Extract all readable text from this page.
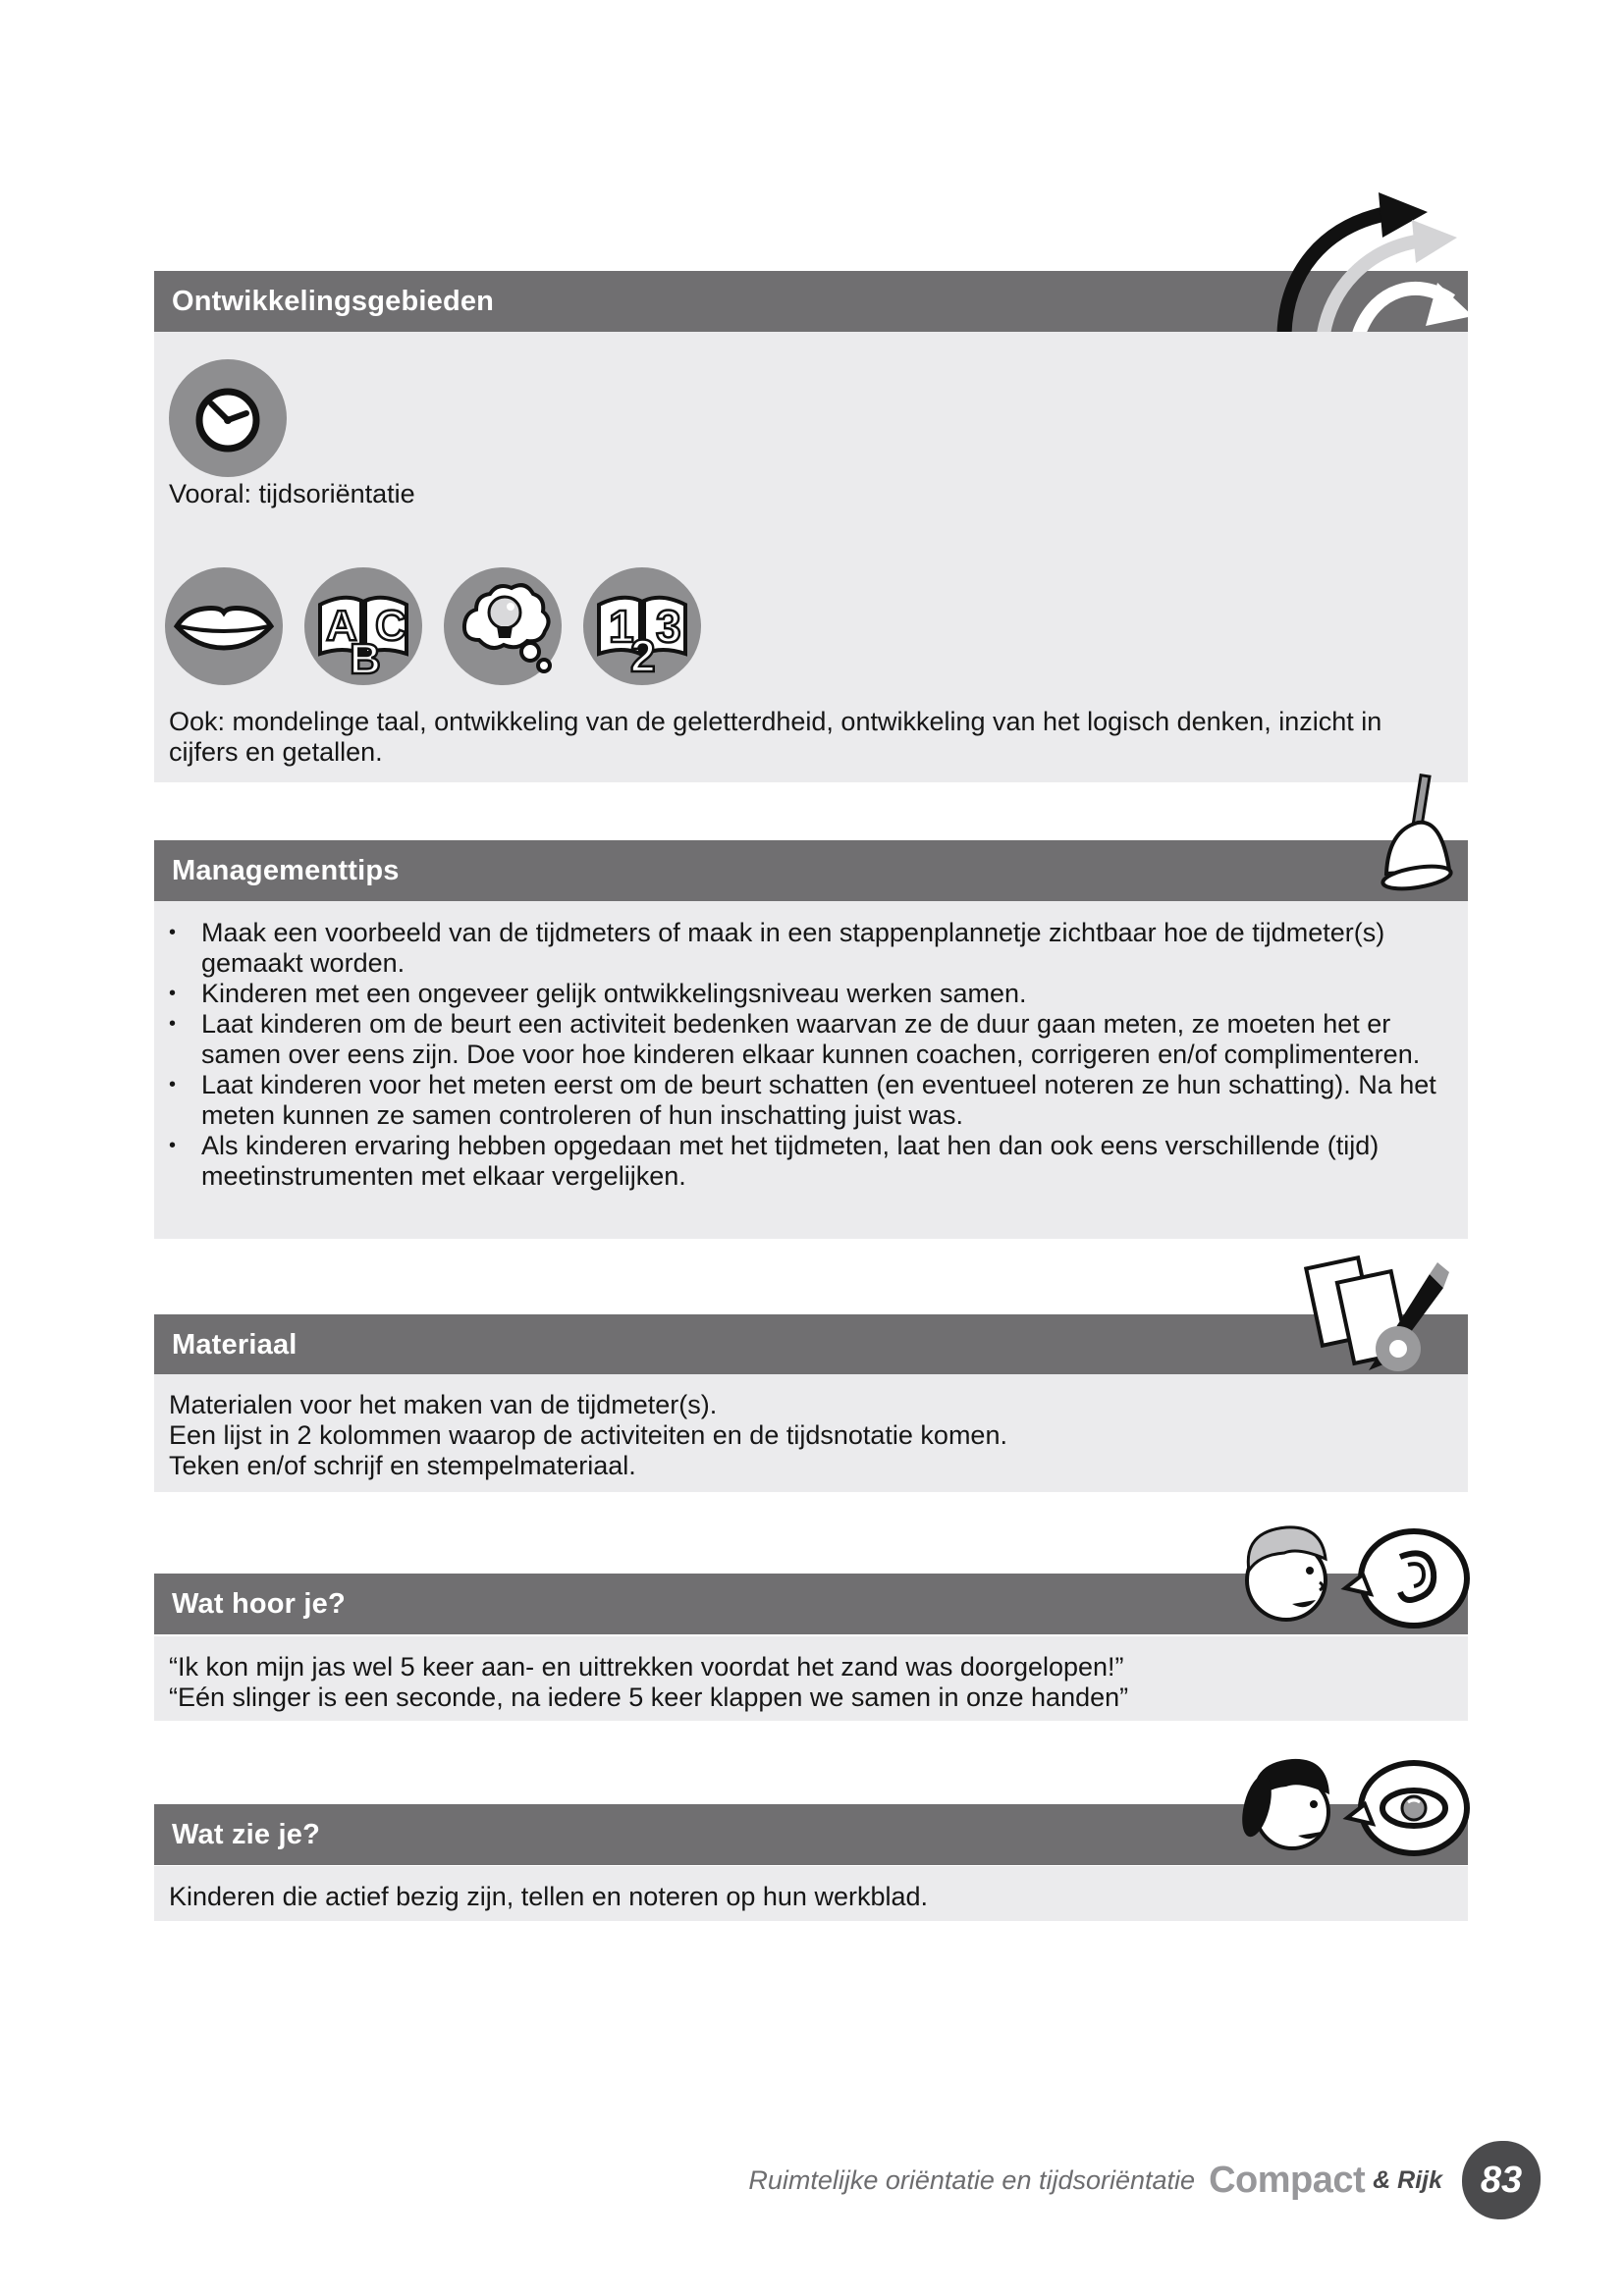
Ontwikkelingsgebieden
Vooral: tijdsoriëntatie
A C
B
1 3
2
Ook: mondelinge taal, ontwikkeling van de geletterdheid, ontwikkeling van het logisch denken, inzicht in cijfers en getallen.
Managementtips
• Maak een voorbeeld van de tijdmeters of maak in een stappenplannetje zichtbaar hoe de tijdmeter(s) gemaakt worden.
• Kinderen met een ongeveer gelijk ontwikkelingsniveau werken samen.
• Laat kinderen om de beurt een activiteit bedenken waarvan ze de duur gaan meten, ze moeten het er samen over eens zijn. Doe voor hoe kinderen elkaar kunnen coachen, corrigeren en/of complimenteren.
• Laat kinderen voor het meten eerst om de beurt schatten (en eventueel noteren ze hun schatting). Na het meten kunnen ze samen controleren of hun inschatting juist was.
• Als kinderen ervaring hebben opgedaan met het tijdmeten, laat hen dan ook eens verschillende (tijd) meetinstrumenten met elkaar vergelijken.
Materiaal
Materialen voor het maken van de tijdmeter(s).
Een lijst in 2 kolommen waarop de activiteiten en de tijdsnotatie komen.
Teken en/of schrijf en stempelmateriaal.
Wat hoor je?
“Ik kon mijn jas wel 5 keer aan- en uittrekken voordat het zand was doorgelopen!”
“Eén slinger is een seconde, na iedere 5 keer klappen we samen in onze handen”
Wat zie je?
Kinderen die actief bezig zijn, tellen en noteren op hun werkblad.
Ruimtelijke oriëntatie en tijdsoriëntatie Compact & Rijk 83
